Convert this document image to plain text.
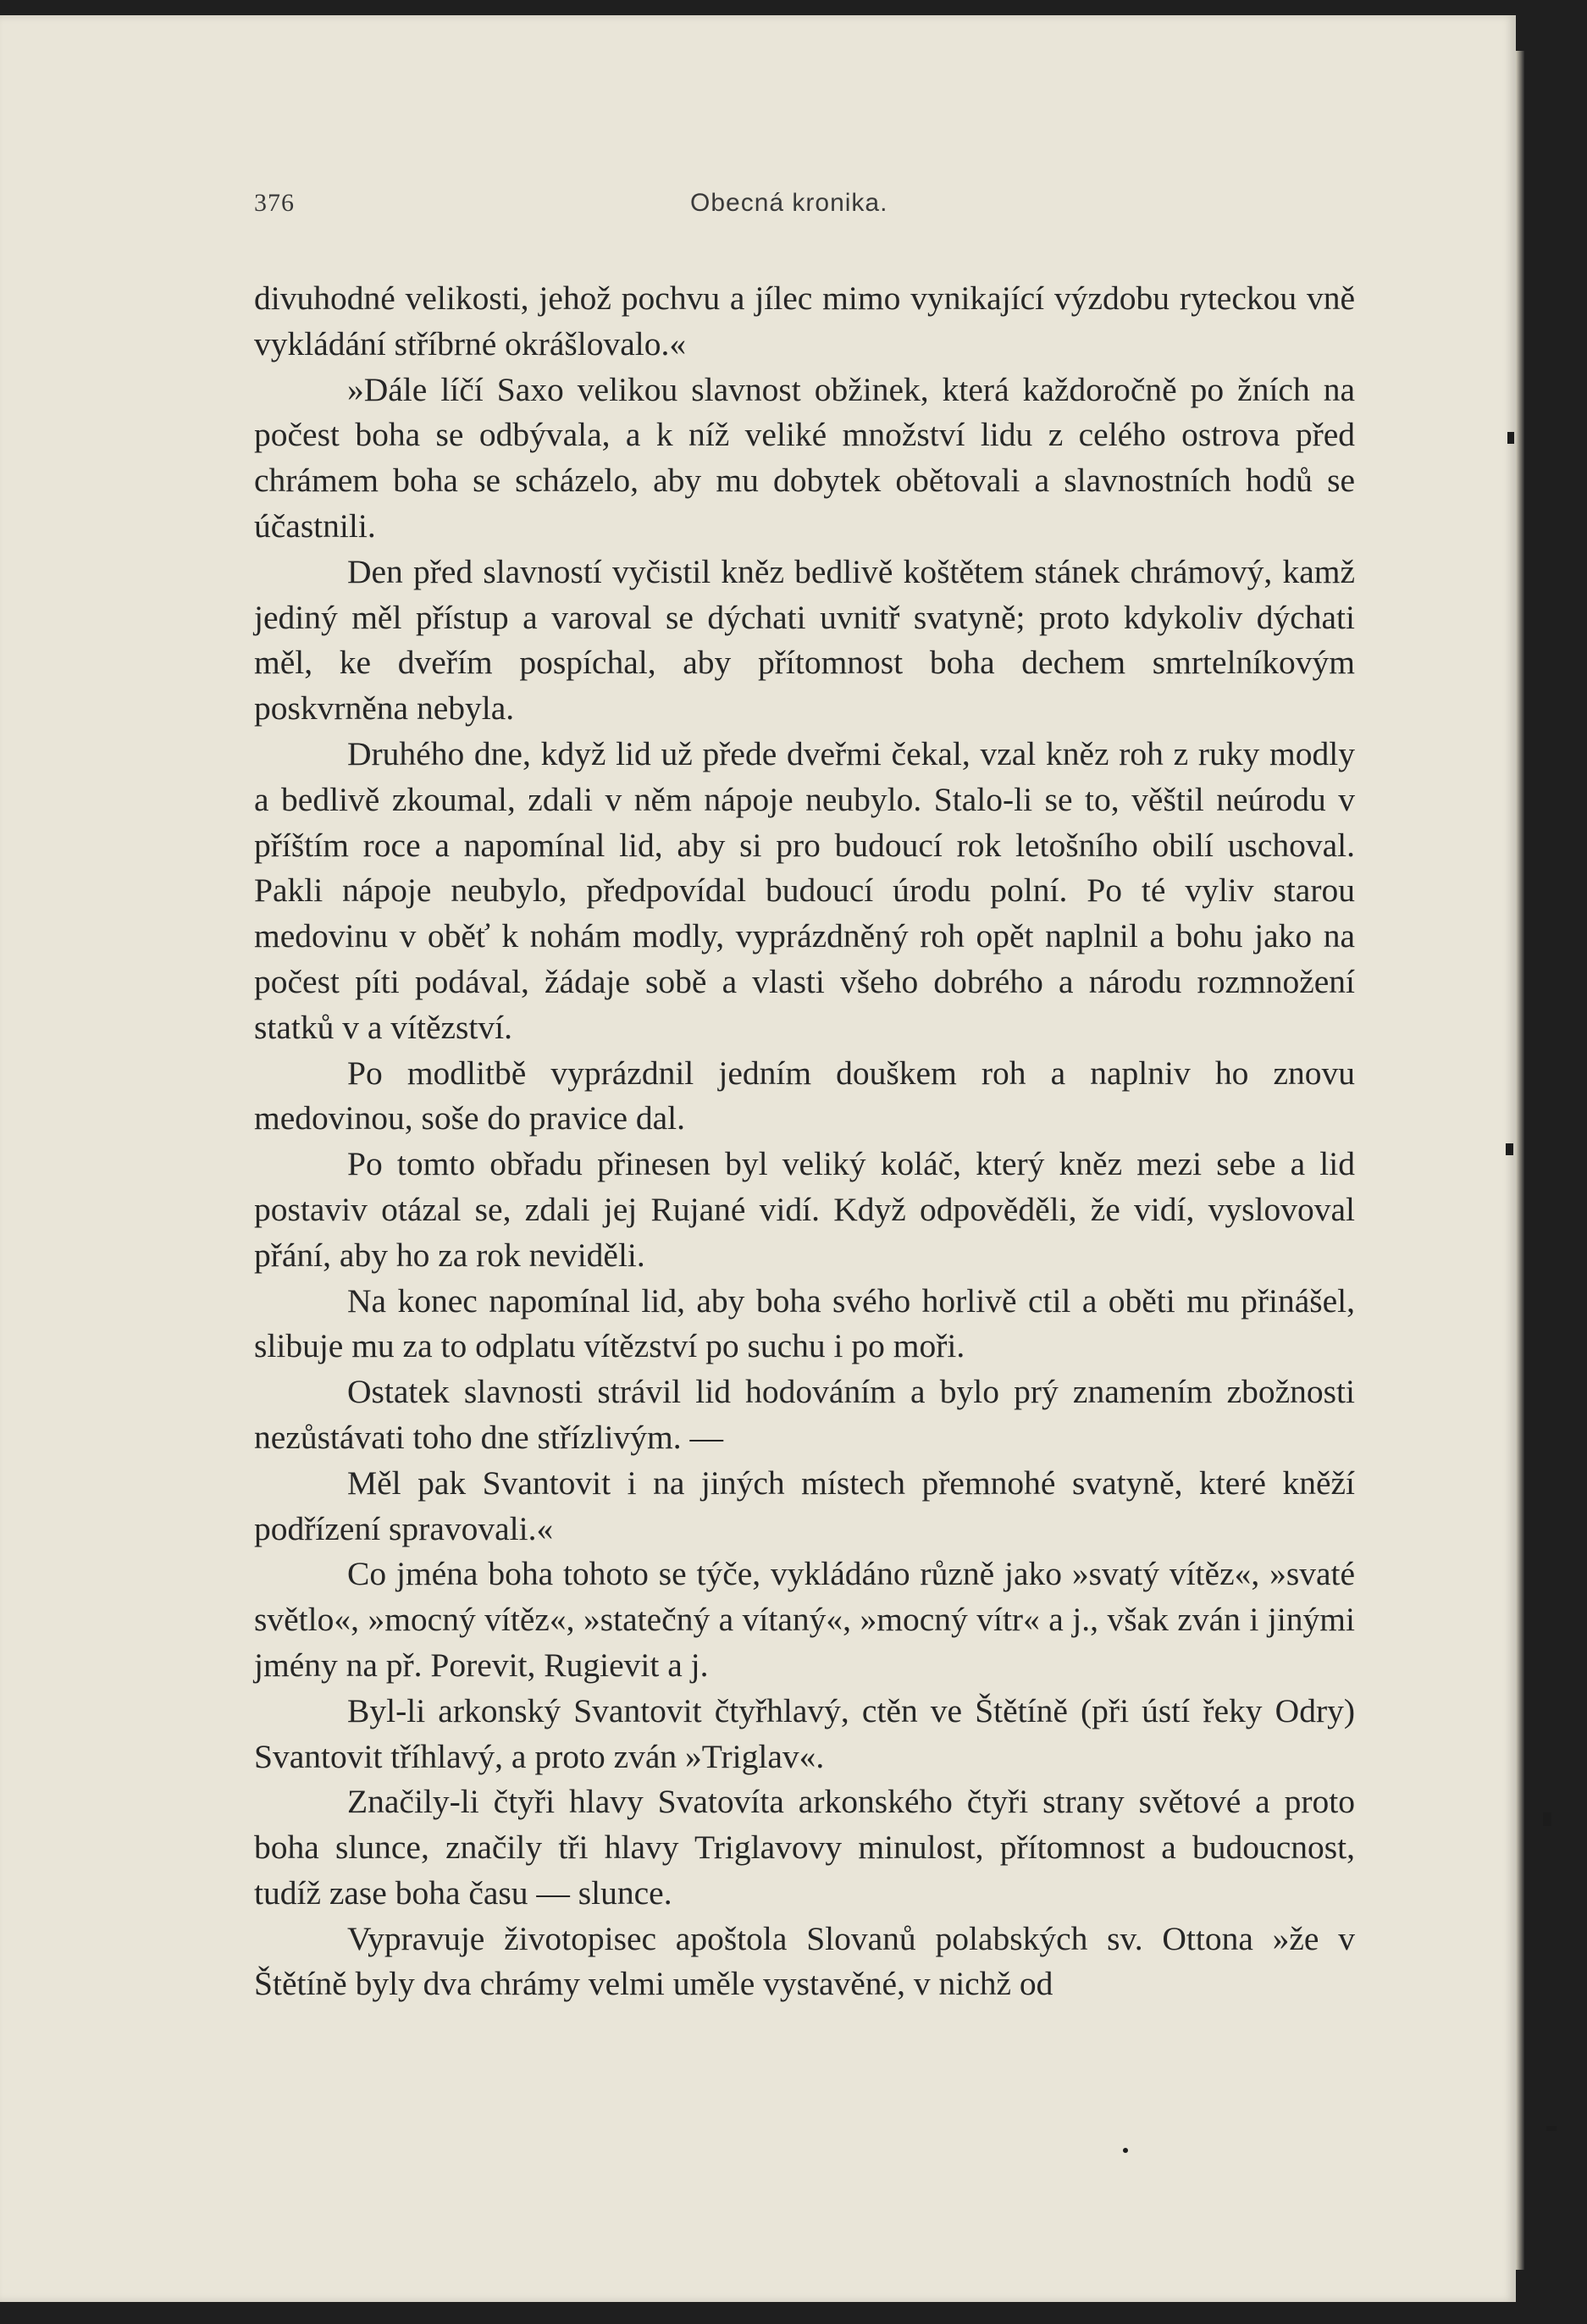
376	Obecná kronika.

divuhodné velikosti, jehož pochvu a jílec mimo vynikající výzdobu ryteckou vně vykládání stříbrné okrášlovalo.«

»Dále líčí Saxo velikou slavnost obžinek, která každoročně po žních na počest boha se odbývala, a k níž veliké množství lidu z celého ostrova před chrámem boha se scházelo, aby mu dobytek obětovali a slavnostních hodů se účastnili.

Den před slavností vyčistil kněz bedlivě koštětem stánek chrámový, kamž jediný měl přístup a varoval se dýchati uvnitř svatyně; proto kdykoliv dýchati měl, ke dveřím pospíchal, aby přítomnost boha dechem smrtelníkovým poskvrněna nebyla.

Druhého dne, když lid už přede dveřmi čekal, vzal kněz roh z ruky modly a bedlivě zkoumal, zdali v něm nápoje neubylo. Stalo-li se to, věštil neúrodu v příštím roce a napomínal lid, aby si pro budoucí rok letošního obilí uschoval. Pakli nápoje neubylo, předpovídal budoucí úrodu polní. Po té vyliv starou medovinu v oběť k nohám modly, vyprázdněný roh opět naplnil a bohu jako na počest píti podával, žádaje sobě a vlasti všeho dobrého a národu rozmnožení statků v a vítězství.

Po modlitbě vyprázdnil jedním douškem roh a naplniv ho znovu medovinou, soše do pravice dal.

Po tomto obřadu přinesen byl veliký koláč, který kněz mezi sebe a lid postaviv otázal se, zdali jej Rujané vidí. Když odpověděli, že vidí, vyslovoval přání, aby ho za rok neviděli.

Na konec napomínal lid, aby boha svého horlivě ctil a oběti mu přinášel, slibuje mu za to odplatu vítězství po suchu i po moři.

Ostatek slavnosti strávil lid hodováním a bylo prý znamením zbožnosti nezůstávati toho dne střízlivým. —

Měl pak Svantovit i na jiných místech přemnohé svatyně, které kněží podřízení spravovali.«

Co jména boha tohoto se týče, vykládáno různě jako »svatý vítěz«, »svaté světlo«, »mocný vítěz«, »statečný a vítaný«, »mocný vítr« a j., však zván i jinými jmény na př. Porevit, Rugievit a j.

Byl-li arkonský Svantovit čtyřhlavý, ctěn ve Štětíně (při ústí řeky Odry) Svantovit tříhlavý, a proto zván »Triglav«.

Značily-li čtyři hlavy Svatovíta arkonského čtyři strany světové a proto boha slunce, značily tři hlavy Triglavovy minulost, přítomnost a budoucnost, tudíž zase boha času — slunce.

Vypravuje životopisec apoštola Slovanů polabských sv. Ottona »že v Štětíně byly dva chrámy velmi uměle vystavěné, v nichž od
